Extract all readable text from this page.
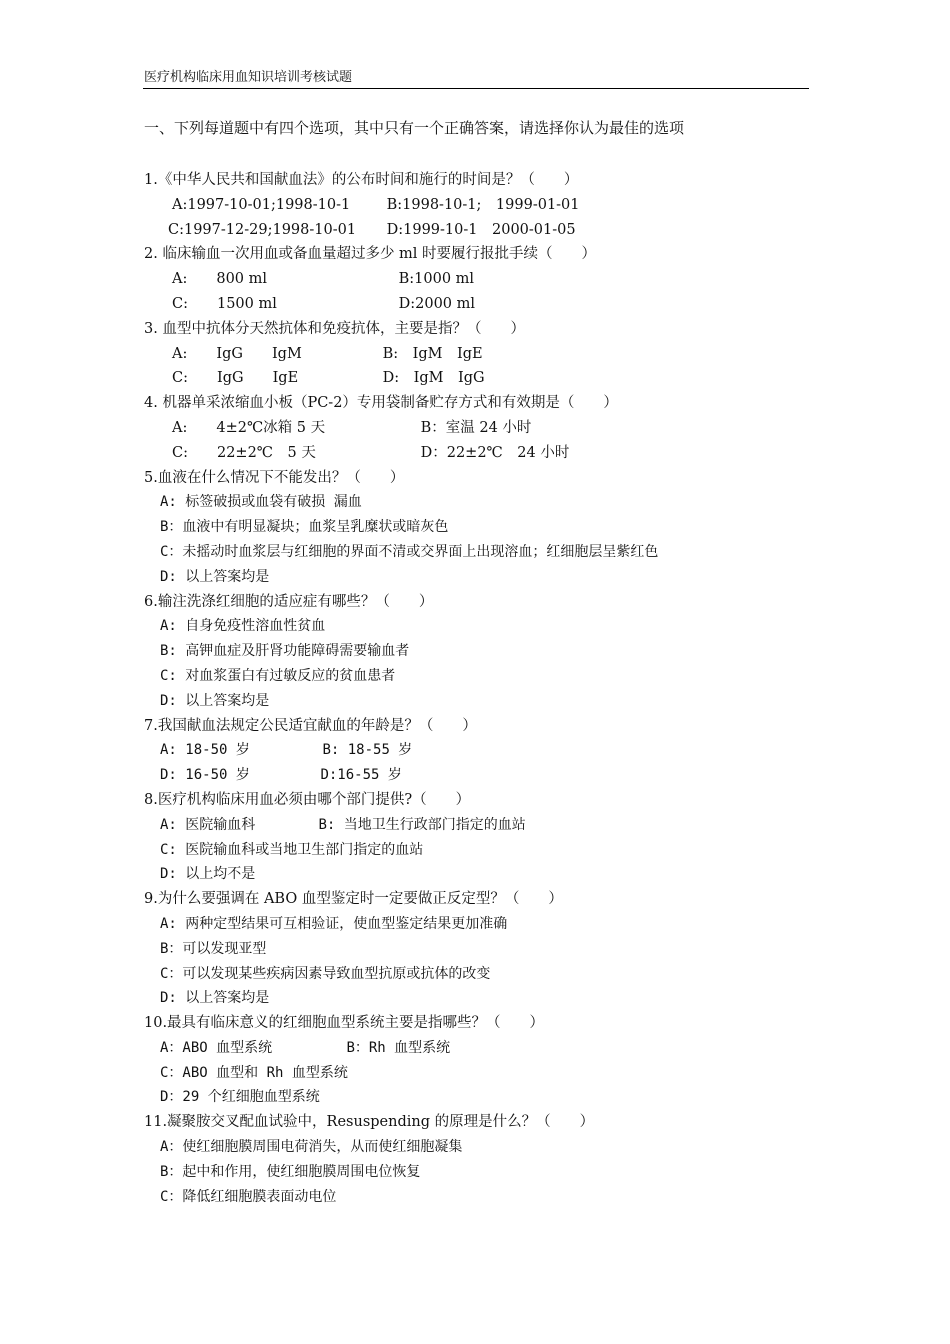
医疗机构临床用血知识培训考核试题
一、下列每道题中有四个选项，其中只有一个正确答案，请选择你认为最佳的选项
1.《中华人民共和国献血法》的公布时间和施行的时间是？（　　）
A:1997-10-01;1998-10-1	B:1998-10-1;　1999-01-01
C:1997-12-29;1998-10-01 D:1999-10-1　2000-01-05
2. 临床输血一次用血或备血量超过多少 ml 时要履行报批手续（　　）
A:　　800 ml	B:1000 ml
C:　　1500 ml	D:2000 ml
3. 血型中抗体分天然抗体和免疫抗体，主要是指？（　　）
A:　　IgG　　IgM	B:　IgM　IgE
C:　　IgG　　IgE	D:　IgM　IgG
4. 机器单采浓缩血小板（PC-2）专用袋制备贮存方式和有效期是（　　）
A:　　4±2℃冰箱 5 天	B：室温 24 小时
C:　　22±2℃　5 天	D：22±2℃　24 小时
5.血液在什么情况下不能发出？（　　）
A: 标签破损或血袋有破损 漏血
B：血液中有明显凝块；血浆呈乳糜状或暗灰色
C：未摇动时血浆层与红细胞的界面不清或交界面上出现溶血；红细胞层呈紫红色
D: 以上答案均是
6.输注洗涤红细胞的适应症有哪些？（　　）
A: 自身免疫性溶血性贫血
B: 高钾血症及肝肾功能障碍需要输血者
C: 对血浆蛋白有过敏反应的贫血患者
D: 以上答案均是
7.我国献血法规定公民适宜献血的年龄是？（　　）
A: 18-50 岁	B: 18-55 岁
D: 16-50 岁	D:16-55 岁
8.医疗机构临床用血必须由哪个部门提供?（　　）
A: 医院输血科	B: 当地卫生行政部门指定的血站
C: 医院输血科或当地卫生部门指定的血站
D: 以上均不是
9.为什么要强调在 ABO 血型鉴定时一定要做正反定型？（　　）
A: 两种定型结果可互相验证，使血型鉴定结果更加准确
B：可以发现亚型
C：可以发现某些疾病因素导致血型抗原或抗体的改变
D: 以上答案均是
10.最具有临床意义的红细胞血型系统主要是指哪些？（　　）
A：ABO 血型系统	B：Rh 血型系统
C：ABO 血型和 Rh 血型系统
D：29 个红细胞血型系统
11.凝聚胺交叉配血试验中，Resuspending 的原理是什么？（　　）
A：使红细胞膜周围电荷消失，从而使红细胞凝集
B：起中和作用，使红细胞膜周围电位恢复
C：降低红细胞膜表面动电位
